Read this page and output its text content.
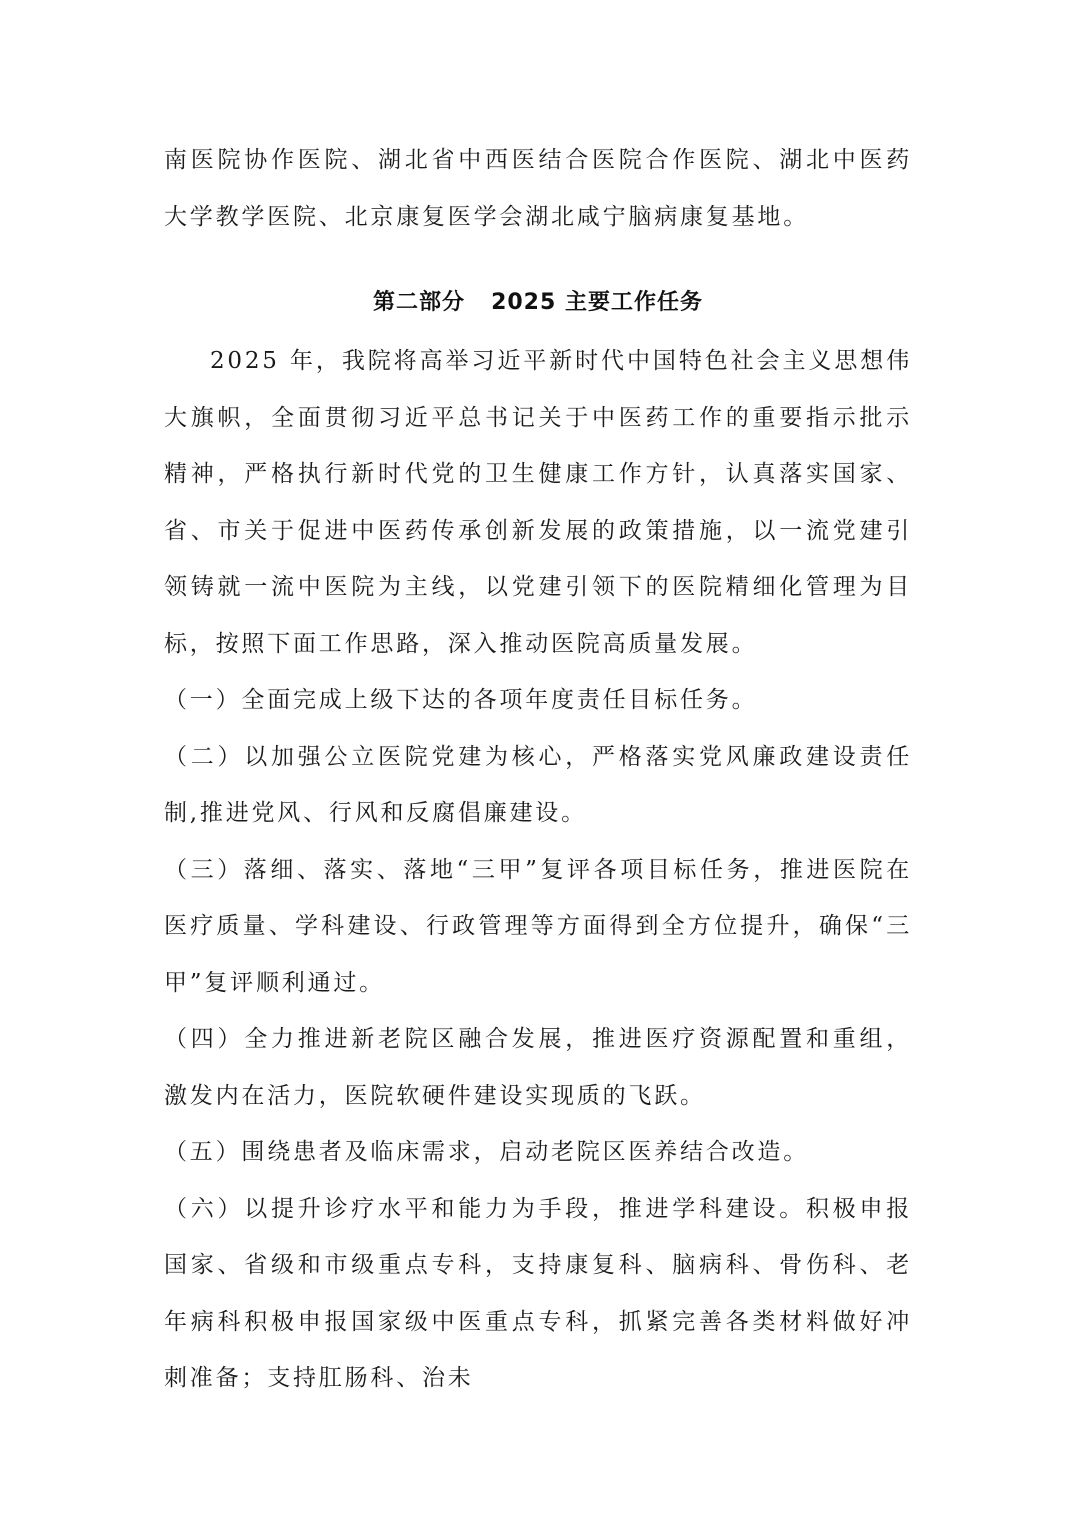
南医院协作医院、湖北省中西医结合医院合作医院、湖北中医药大学教学医院、北京康复医学会湖北咸宁脑病康复基地。

第二部分 2025 主要工作任务

2025 年，我院将高举习近平新时代中国特色社会主义思想伟大旗帜，全面贯彻习近平总书记关于中医药工作的重要指示批示精神，严格执行新时代党的卫生健康工作方针，认真落实国家、省、市关于促进中医药传承创新发展的政策措施，以一流党建引领铸就一流中医院为主线，以党建引领下的医院精细化管理为目标，按照下面工作思路，深入推动医院高质量发展。

（一）全面完成上级下达的各项年度责任目标任务。

（二）以加强公立医院党建为核心，严格落实党风廉政建设责任制,推进党风、行风和反腐倡廉建设。

（三）落细、落实、落地“三甲”复评各项目标任务，推进医院在医疗质量、学科建设、行政管理等方面得到全方位提升，确保“三甲”复评顺利通过。

（四）全力推进新老院区融合发展，推进医疗资源配置和重组，激发内在活力，医院软硬件建设实现质的飞跃。

（五）围绕患者及临床需求，启动老院区医养结合改造。

（六）以提升诊疗水平和能力为手段，推进学科建设。积极申报国家、省级和市级重点专科，支持康复科、脑病科、骨伤科、老年病科积极申报国家级中医重点专科，抓紧完善各类材料做好冲刺准备；支持肛肠科、治未
